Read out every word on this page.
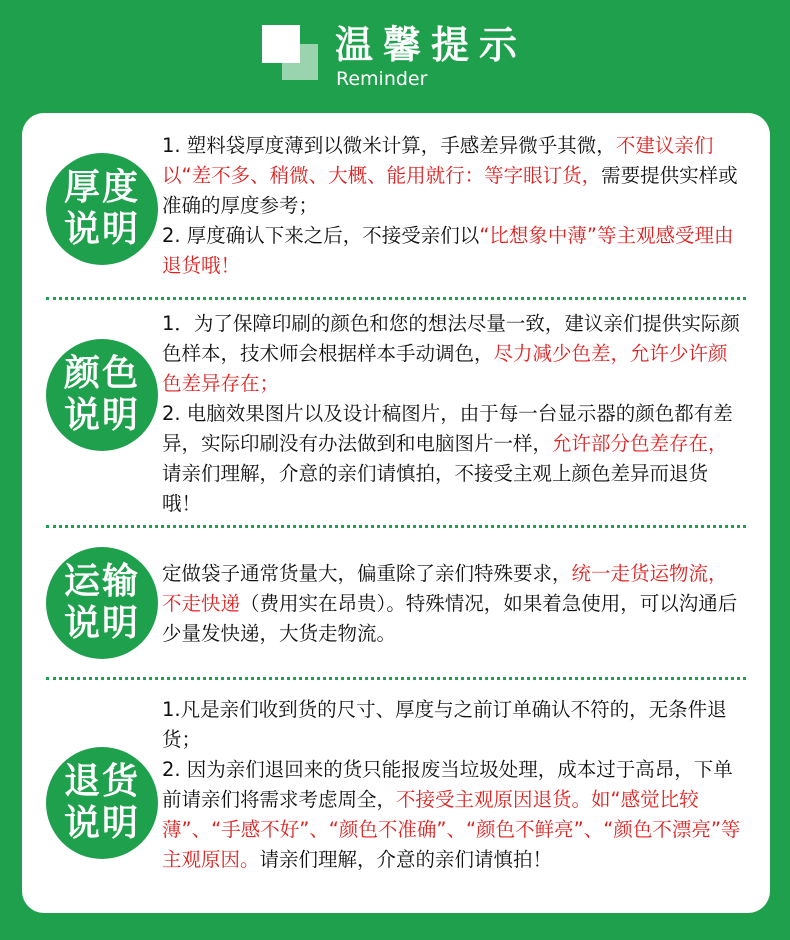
温馨提示
Reminder
厚度
说明

1. 塑料袋厚度薄到以微米计算，手感差异微乎其微，不建议亲们以“差不多、稍微、大概、能用就行：等字眼订货，需要提供实样或准确的厚度参考；

2. 厚度确认下来之后，不接受亲们以“比想象中薄”等主观感受理由退货哦！

颜色
说明

1．为了保障印刷的颜色和您的想法尽量一致，建议亲们提供实际颜色样本，技术师会根据样本手动调色，尽力减少色差，允许少许颜色差异存在；

2. 电脑效果图片以及设计稿图片，由于每一台显示器的颜色都有差异，实际印刷没有办法做到和电脑图片一样，允许部分色差存在，请亲们理解，介意的亲们请慎拍，不接受主观上颜色差异而退货哦！

运输
说明

定做袋子通常货量大，偏重除了亲们特殊要求，统一走货运物流，不走快递（费用实在昂贵）。特殊情况，如果着急使用，可以沟通后少量发快递，大货走物流。

退货
说明

1.凡是亲们收到货的尺寸、厚度与之前订单确认不符的，无条件退货；

2. 因为亲们退回来的货只能报废当垃圾处理，成本过于高昂，下单前请亲们将需求考虑周全，不接受主观原因退货。如“感觉比较薄”、“手感不好”、“颜色不准确”、“颜色不鲜亮”、“颜色不漂亮”等主观原因。请亲们理解，介意的亲们请慎拍！
